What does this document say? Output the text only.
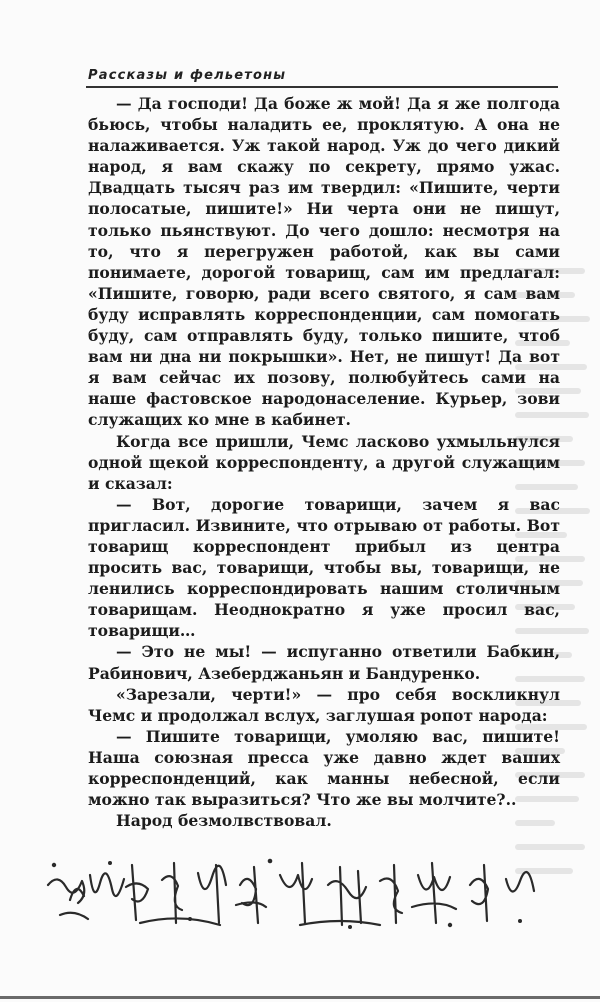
Рассказы и фельетоны

— Да господи! Да боже ж мой! Да я же полгода бьюсь, чтобы наладить ее, проклятую. А она не налаживается. Уж такой народ. Уж до чего дикий народ, я вам скажу по секрету, прямо ужас. Двадцать тысяч раз им твердил: «Пишите, черти полосатые, пишите!» Ни черта они не пишут, только пьянствуют. До чего дошло: несмотря на то, что я перегружен работой, как вы сами понимаете, дорогой товарищ, сам им предлагал: «Пишите, говорю, ради всего святого, я сам вам буду исправлять корреспонденции, сам помогать буду, сам отправлять буду, только пишите, чтоб вам ни дна ни покрышки». Нет, не пишут! Да вот я вам сейчас их позову, полюбуйтесь сами на наше фастовское народонаселение. Курьер, зови служащих ко мне в кабинет.

Когда все пришли, Чемс ласково ухмыльнулся одной щекой корреспонденту, а другой служащим и сказал:

— Вот, дорогие товарищи, зачем я вас пригласил. Извините, что отрываю от работы. Вот товарищ корреспондент прибыл из центра просить вас, товарищи, чтобы вы, товарищи, не ленились корреспондировать нашим столичным товарищам. Неоднократно я уже просил вас, товарищи…

— Это не мы! — испуганно ответили Бабкин, Рабинович, Азеберджаньян и Бандуренко.

«Зарезали, черти!» — про себя воскликнул Чемс и продолжал вслух, заглушая ропот народа:

— Пишите товарищи, умоляю вас, пишите! Наша союзная пресса уже давно ждет ваших корреспонденций, как манны небесной, если можно так выразиться? Что же вы молчите?..

Народ безмолвствовал.
